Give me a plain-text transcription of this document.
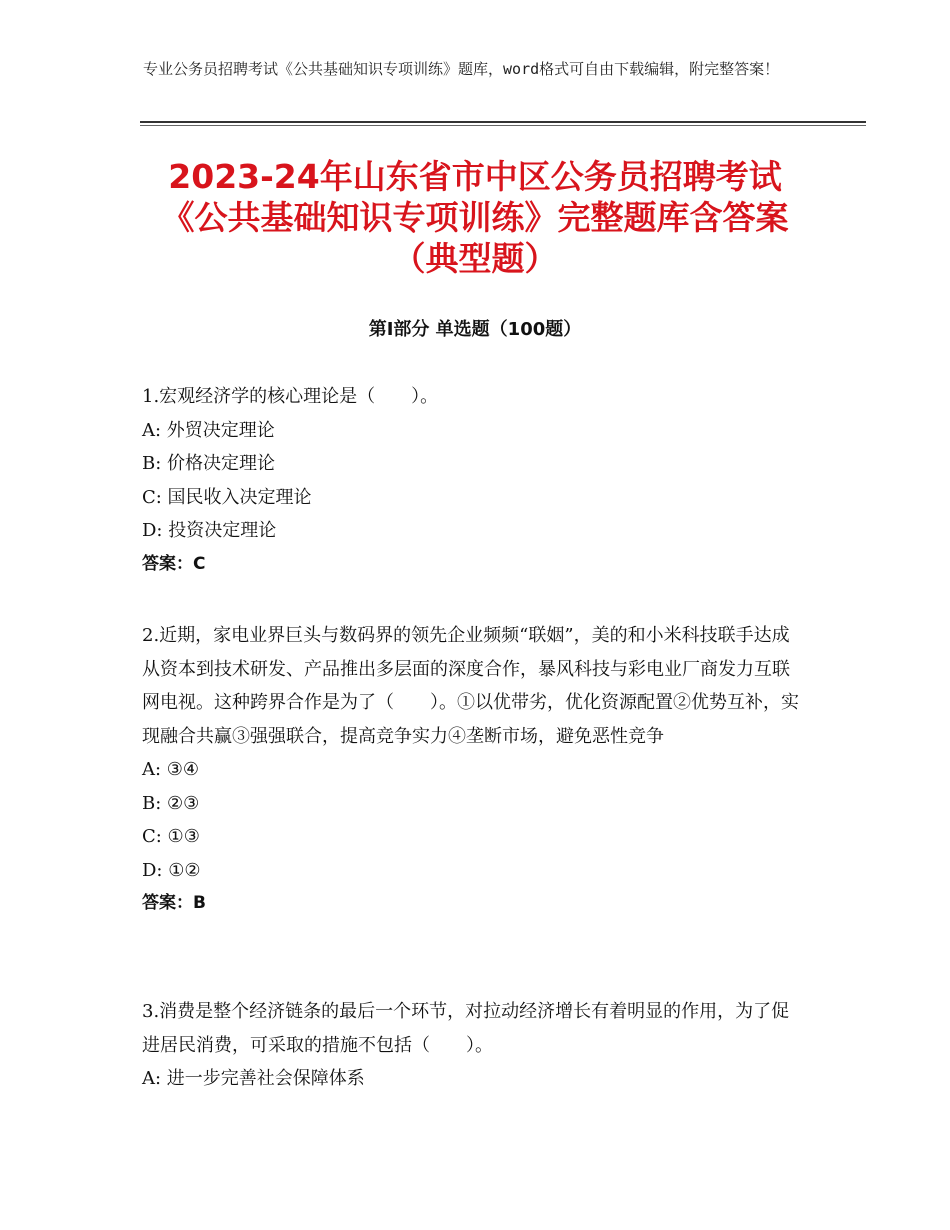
专业公务员招聘考试《公共基础知识专项训练》题库，word格式可自由下载编辑，附完整答案！
2023-24年山东省市中区公务员招聘考试
《公共基础知识专项训练》完整题库含答案
（典型题）
第Ⅰ部分 单选题（100题）

1.宏观经济学的核心理论是（　　）。

A: 外贸决定理论

B: 价格决定理论

C: 国民收入决定理论

D: 投资决定理论

答案：C

2.近期，家电业界巨头与数码界的领先企业频频“联姻”，美的和小米科技联手达成从资本到技术研发、产品推出多层面的深度合作，暴风科技与彩电业厂商发力互联网电视。这种跨界合作是为了（　　）。①以优带劣，优化资源配置②优势互补，实现融合共赢③强强联合，提高竞争实力④垄断市场，避免恶性竞争

A: ③④

B: ②③

C: ①③

D: ①②

答案：B

3.消费是整个经济链条的最后一个环节，对拉动经济增长有着明显的作用，为了促进居民消费，可采取的措施不包括（　　）。

A: 进一步完善社会保障体系
